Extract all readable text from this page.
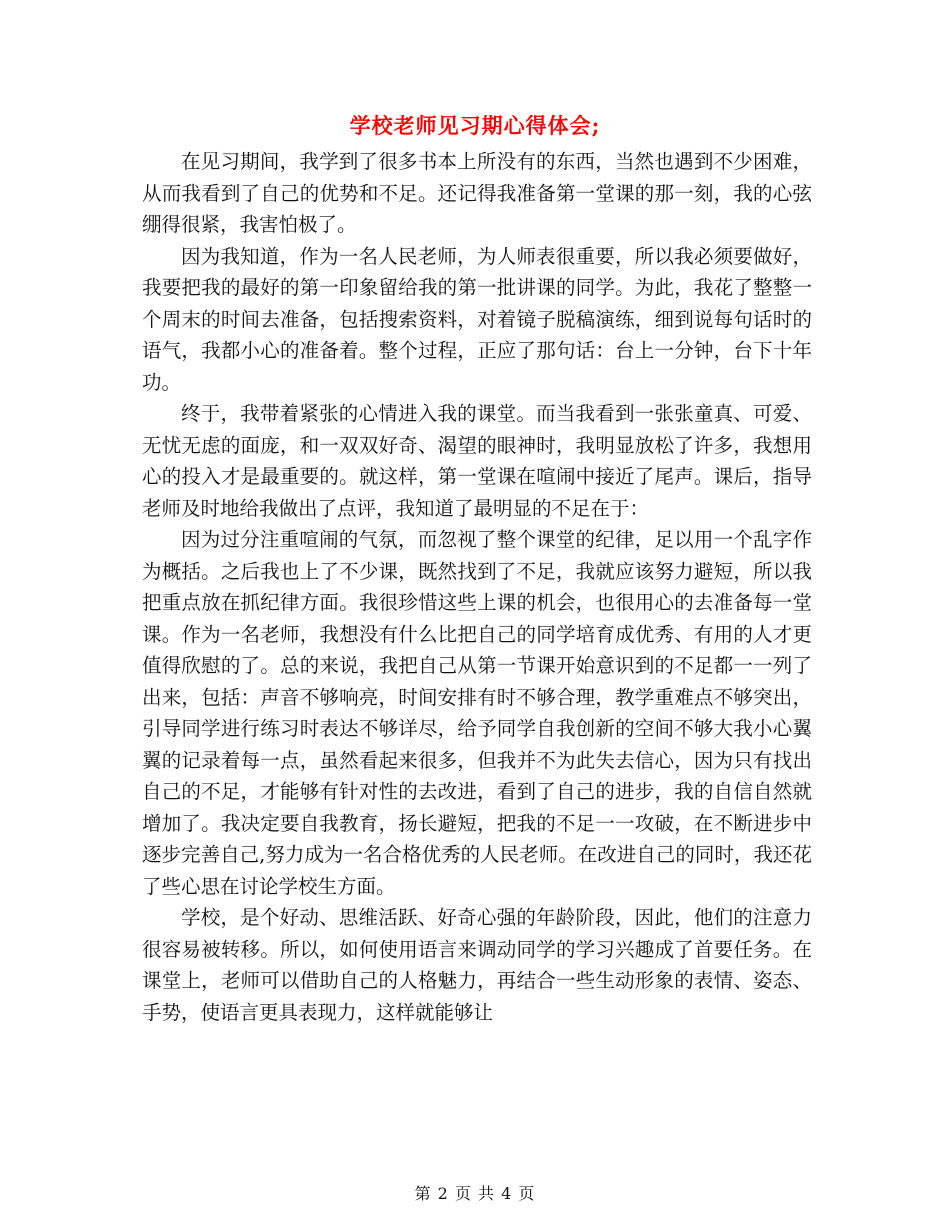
学校老师见习期心得体会;

在见习期间，我学到了很多书本上所没有的东西，当然也遇到不少困难，从而我看到了自己的优势和不足。还记得我准备第一堂课的那一刻，我的心弦绷得很紧，我害怕极了。

因为我知道，作为一名人民老师，为人师表很重要，所以我必须要做好，我要把我的最好的第一印象留给我的第一批讲课的同学。为此，我花了整整一个周末的时间去准备，包括搜索资料，对着镜子脱稿演练，细到说每句话时的语气，我都小心的准备着。整个过程，正应了那句话：台上一分钟，台下十年功。

终于，我带着紧张的心情进入我的课堂。而当我看到一张张童真、可爱、无忧无虑的面庞，和一双双好奇、渴望的眼神时，我明显放松了许多，我想用心的投入才是最重要的。就这样，第一堂课在喧闹中接近了尾声。课后，指导老师及时地给我做出了点评，我知道了最明显的不足在于：

因为过分注重喧闹的气氛，而忽视了整个课堂的纪律，足以用一个乱字作为概括。之后我也上了不少课，既然找到了不足，我就应该努力避短，所以我把重点放在抓纪律方面。我很珍惜这些上课的机会，也很用心的去准备每一堂课。作为一名老师，我想没有什么比把自己的同学培育成优秀、有用的人才更值得欣慰的了。总的来说，我把自己从第一节课开始意识到的不足都一一列了出来，包括：声音不够响亮，时间安排有时不够合理，教学重难点不够突出，引导同学进行练习时表达不够详尽，给予同学自我创新的空间不够大我小心翼翼的记录着每一点，虽然看起来很多，但我并不为此失去信心，因为只有找出自己的不足，才能够有针对性的去改进，看到了自己的进步，我的自信自然就增加了。我决定要自我教育，扬长避短，把我的不足一一攻破，在不断进步中逐步完善自己,努力成为一名合格优秀的人民老师。在改进自己的同时，我还花了些心思在讨论学校生方面。

学校，是个好动、思维活跃、好奇心强的年龄阶段，因此，他们的注意力很容易被转移。所以，如何使用语言来调动同学的学习兴趣成了首要任务。在课堂上，老师可以借助自己的人格魅力，再结合一些生动形象的表情、姿态、手势，使语言更具表现力，这样就能够让

第 2 页 共 4 页
